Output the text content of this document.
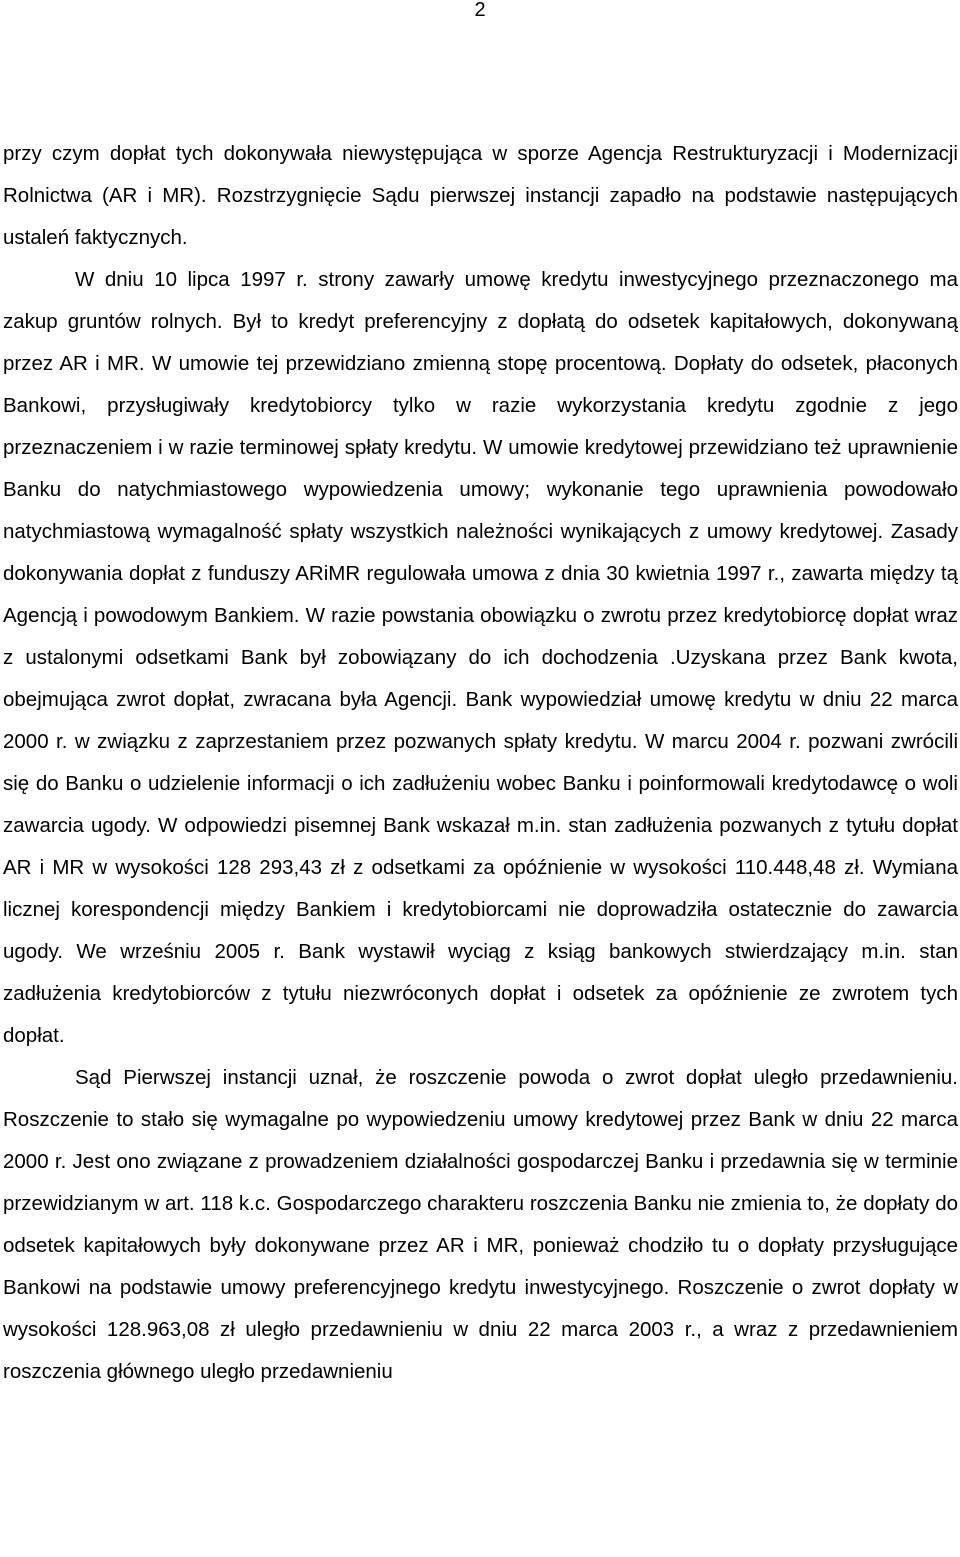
2

przy czym dopłat tych dokonywała niewystępująca w sporze Agencja Restrukturyzacji i Modernizacji Rolnictwa (AR i MR). Rozstrzygnięcie Sądu pierwszej instancji zapadło na podstawie następujących ustaleń faktycznych.

W dniu 10 lipca 1997 r. strony zawarły umowę kredytu inwestycyjnego przeznaczonego ma zakup gruntów rolnych. Był to kredyt preferencyjny z dopłatą do odsetek kapitałowych, dokonywaną przez AR i MR. W umowie tej przewidziano zmienną stopę procentową. Dopłaty do odsetek, płaconych Bankowi, przysługiwały kredytobiorcy tylko w razie wykorzystania kredytu zgodnie z jego przeznaczeniem i w razie terminowej spłaty kredytu. W umowie kredytowej przewidziano też uprawnienie Banku do natychmiastowego wypowiedzenia umowy; wykonanie tego uprawnienia powodowało natychmiastową wymagalność spłaty wszystkich należności wynikających z umowy kredytowej. Zasady dokonywania dopłat z funduszy ARiMR regulowała umowa z dnia 30 kwietnia 1997 r., zawarta między tą Agencją i powodowym Bankiem. W razie powstania obowiązku o zwrotu przez kredytobiorcę dopłat wraz z ustalonymi odsetkami Bank był zobowiązany do ich dochodzenia .Uzyskana przez Bank kwota, obejmująca zwrot dopłat, zwracana była Agencji. Bank wypowiedział umowę kredytu w dniu 22 marca 2000 r. w związku z zaprzestaniem przez pozwanych spłaty kredytu. W marcu 2004 r. pozwani zwrócili się do Banku o udzielenie informacji o ich zadłużeniu wobec Banku i poinformowali kredytodawcę o woli zawarcia ugody. W odpowiedzi pisemnej Bank wskazał m.in. stan zadłużenia pozwanych z tytułu dopłat AR i MR w wysokości 128 293,43 zł z odsetkami za opóźnienie w wysokości 110.448,48 zł. Wymiana licznej korespondencji między Bankiem i kredytobiorcami nie doprowadziła ostatecznie do zawarcia ugody. We wrześniu 2005 r. Bank wystawił wyciąg z ksiąg bankowych stwierdzający m.in. stan zadłużenia kredytobiorców z tytułu niezwróconych dopłat i odsetek za opóźnienie ze zwrotem tych dopłat.

Sąd Pierwszej instancji uznał, że roszczenie powoda o zwrot dopłat uległo przedawnieniu. Roszczenie to stało się wymagalne po wypowiedzeniu umowy kredytowej przez Bank w dniu 22 marca 2000 r. Jest ono związane z prowadzeniem działalności gospodarczej Banku i przedawnia się w terminie przewidzianym w art. 118 k.c. Gospodarczego charakteru roszczenia Banku nie zmienia to, że dopłaty do odsetek kapitałowych były dokonywane przez AR i MR, ponieważ chodziło tu o dopłaty przysługujące Bankowi na podstawie umowy preferencyjnego kredytu inwestycyjnego. Roszczenie o zwrot dopłaty w wysokości 128.963,08 zł uległo przedawnieniu w dniu 22 marca 2003 r., a wraz z przedawnieniem roszczenia głównego uległo przedawnieniu
